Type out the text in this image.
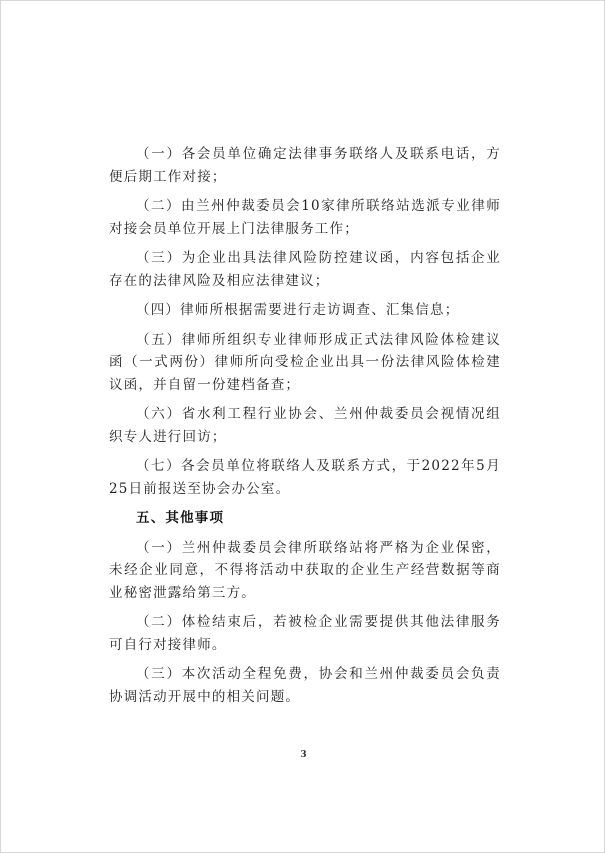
（一）各会员单位确定法律事务联络人及联系电话，方便后期工作对接；

（二）由兰州仲裁委员会10家律所联络站选派专业律师对接会员单位开展上门法律服务工作；

（三）为企业出具法律风险防控建议函，内容包括企业存在的法律风险及相应法律建议；

（四）律师所根据需要进行走访调查、汇集信息；

（五）律师所组织专业律师形成正式法律风险体检建议函（一式两份）律师所向受检企业出具一份法律风险体检建议函，并自留一份建档备查；

（六）省水利工程行业协会、兰州仲裁委员会视情况组织专人进行回访；

（七）各会员单位将联络人及联系方式，于2022年5月25日前报送至协会办公室。

五、其他事项

（一）兰州仲裁委员会律所联络站将严格为企业保密，未经企业同意，不得将活动中获取的企业生产经营数据等商业秘密泄露给第三方。

（二）体检结束后，若被检企业需要提供其他法律服务可自行对接律师。

（三）本次活动全程免费，协会和兰州仲裁委员会负责协调活动开展中的相关问题。

3
